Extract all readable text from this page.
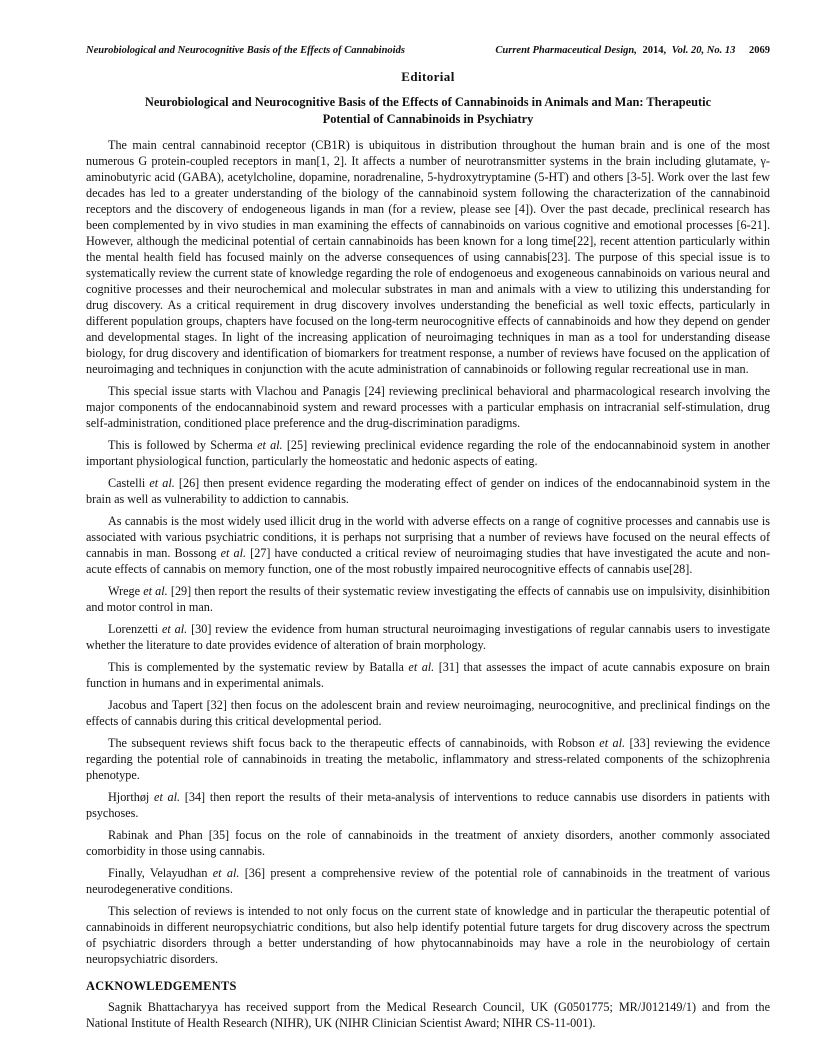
Neurobiological and Neurocognitive Basis of the Effects of Cannabinoids	Current Pharmaceutical Design, 2014, Vol. 20, No. 13 2069
Editorial
Neurobiological and Neurocognitive Basis of the Effects of Cannabinoids in Animals and Man: Therapeutic
Potential of Cannabinoids in Psychiatry

The main central cannabinoid receptor (CB1R) is ubiquitous in distribution throughout the human brain and is one of the most numerous G protein-coupled receptors in man[1, 2]. It affects a number of neurotransmitter systems in the brain including glutamate, γ-aminobutyric acid (GABA), acetylcholine, dopamine, noradrenaline, 5-hydroxytryptamine (5-HT) and others [3-5]. Work over the last few decades has led to a greater understanding of the biology of the cannabinoid system following the characterization of the cannabinoid receptors and the discovery of endogeneous ligands in man (for a review, please see [4]). Over the past decade, preclinical research has been complemented by in vivo studies in man examining the effects of cannabinoids on various cognitive and emotional processes [6-21]. However, although the medicinal potential of certain cannabinoids has been known for a long time[22], recent attention particularly within the mental health field has focused mainly on the adverse consequences of using cannabis[23]. The purpose of this special issue is to systematically review the current state of knowledge regarding the role of endogenoeus and exogeneous cannabinoids on various neural and cognitive processes and their neurochemical and molecular substrates in man and animals with a view to utilizing this understanding for drug discovery. As a critical requirement in drug discovery involves understanding the beneficial as well toxic effects, particularly in different population groups, chapters have focused on the long-term neurocognitive effects of cannabinoids and how they depend on gender and developmental stages. In light of the increasing application of neuroimaging techniques in man as a tool for understanding disease biology, for drug discovery and identification of biomarkers for treatment response, a number of reviews have focused on the application of neuroimaging and techniques in conjunction with the acute administration of cannabinoids or following regular recreational use in man.

This special issue starts with Vlachou and Panagis [24] reviewing preclinical behavioral and pharmacological research involving the major components of the endocannabinoid system and reward processes with a particular emphasis on intracranial self-stimulation, drug self-administration, conditioned place preference and the drug-discrimination paradigms.

This is followed by Scherma et al. [25] reviewing preclinical evidence regarding the role of the endocannabinoid system in another important physiological function, particularly the homeostatic and hedonic aspects of eating.

Castelli et al. [26] then present evidence regarding the moderating effect of gender on indices of the endocannabinoid system in the brain as well as vulnerability to addiction to cannabis.

As cannabis is the most widely used illicit drug in the world with adverse effects on a range of cognitive processes and cannabis use is associated with various psychiatric conditions, it is perhaps not surprising that a number of reviews have focused on the neural effects of cannabis in man. Bossong et al. [27] have conducted a critical review of neuroimaging studies that have investigated the acute and non-acute effects of cannabis on memory function, one of the most robustly impaired neurocognitive effects of cannabis use[28].

Wrege et al. [29] then report the results of their systematic review investigating the effects of cannabis use on impulsivity, disinhibition and motor control in man.

Lorenzetti et al. [30] review the evidence from human structural neuroimaging investigations of regular cannabis users to investigate whether the literature to date provides evidence of alteration of brain morphology.

This is complemented by the systematic review by Batalla et al. [31] that assesses the impact of acute cannabis exposure on brain function in humans and in experimental animals.

Jacobus and Tapert [32] then focus on the adolescent brain and review neuroimaging, neurocognitive, and preclinical findings on the effects of cannabis during this critical developmental period.

The subsequent reviews shift focus back to the therapeutic effects of cannabinoids, with Robson et al. [33] reviewing the evidence regarding the potential role of cannabinoids in treating the metabolic, inflammatory and stress-related components of the schizophrenia phenotype.

Hjorthøj et al. [34] then report the results of their meta-analysis of interventions to reduce cannabis use disorders in patients with psychoses.

Rabinak and Phan [35] focus on the role of cannabinoids in the treatment of anxiety disorders, another commonly associated comorbidity in those using cannabis.

Finally, Velayudhan et al. [36] present a comprehensive review of the potential role of cannabinoids in the treatment of various neurodegenerative conditions.

This selection of reviews is intended to not only focus on the current state of knowledge and in particular the therapeutic potential of cannabinoids in different neuropsychiatric conditions, but also help identify potential future targets for drug discovery across the spectrum of psychiatric disorders through a better understanding of how phytocannabinoids may have a role in the neurobiology of certain neuropsychiatric disorders.

ACKNOWLEDGEMENTS

Sagnik Bhattacharyya has received support from the Medical Research Council, UK (G0501775; MR/J012149/1) and from the National Institute of Health Research (NIHR), UK (NIHR Clinician Scientist Award; NIHR CS-11-001).
